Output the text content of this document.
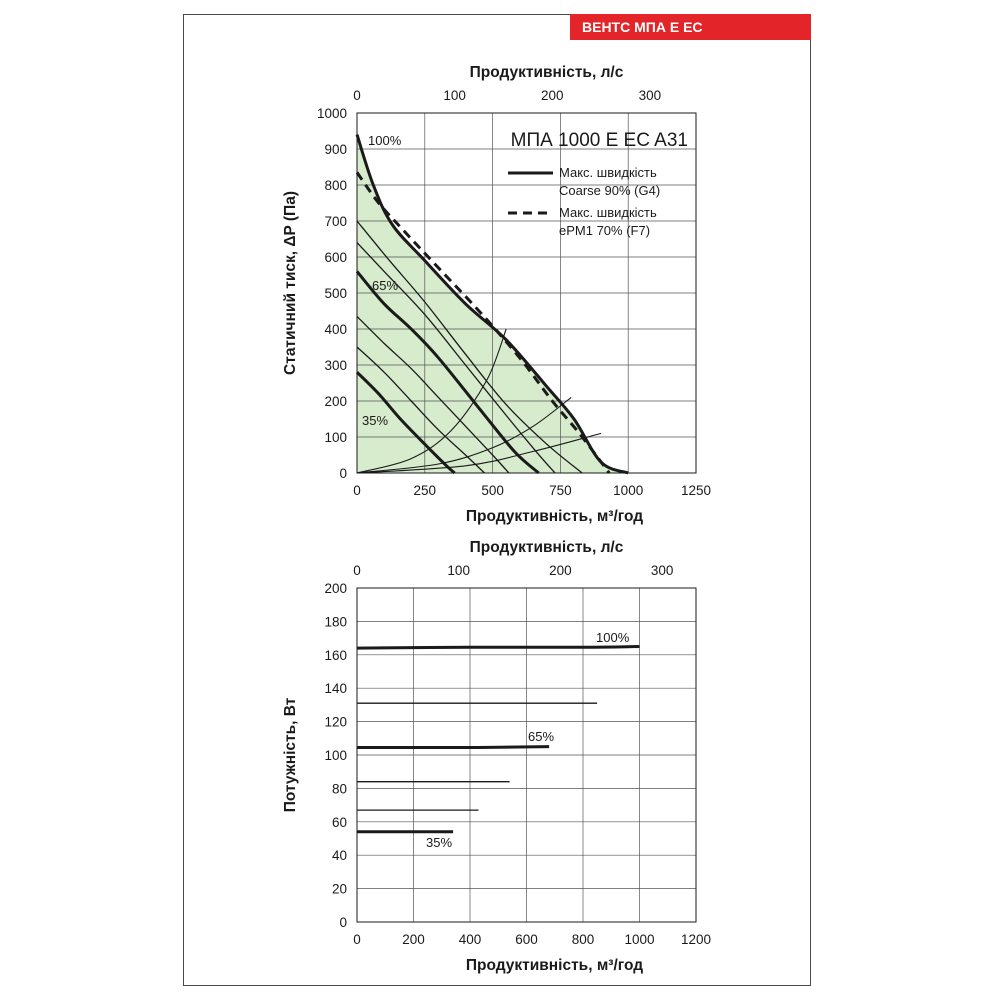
ВЕНТС МПА Е ЕС
0	250	500	750	1000	1250
0
100
200
300
400
500
600
700
800
900
1000
0	100	200	300
100%
65%
35%
Продуктивність, м³/год
Продуктивність, л/с
Статичний тиск, ΔP (Па)
МПА 1000 E EC A31
Макс. швидкість
Coarse 90% (G4)
Макс. швидкість
ePM1 70% (F7)
0	200	400	600	800 1000 1200
0
20
40
60
80
100
120
140
160
180
200
0	100	200	300
100%
65%
35%
Продуктивність, м³/год
Продуктивність, л/с
Потужність, Вт
